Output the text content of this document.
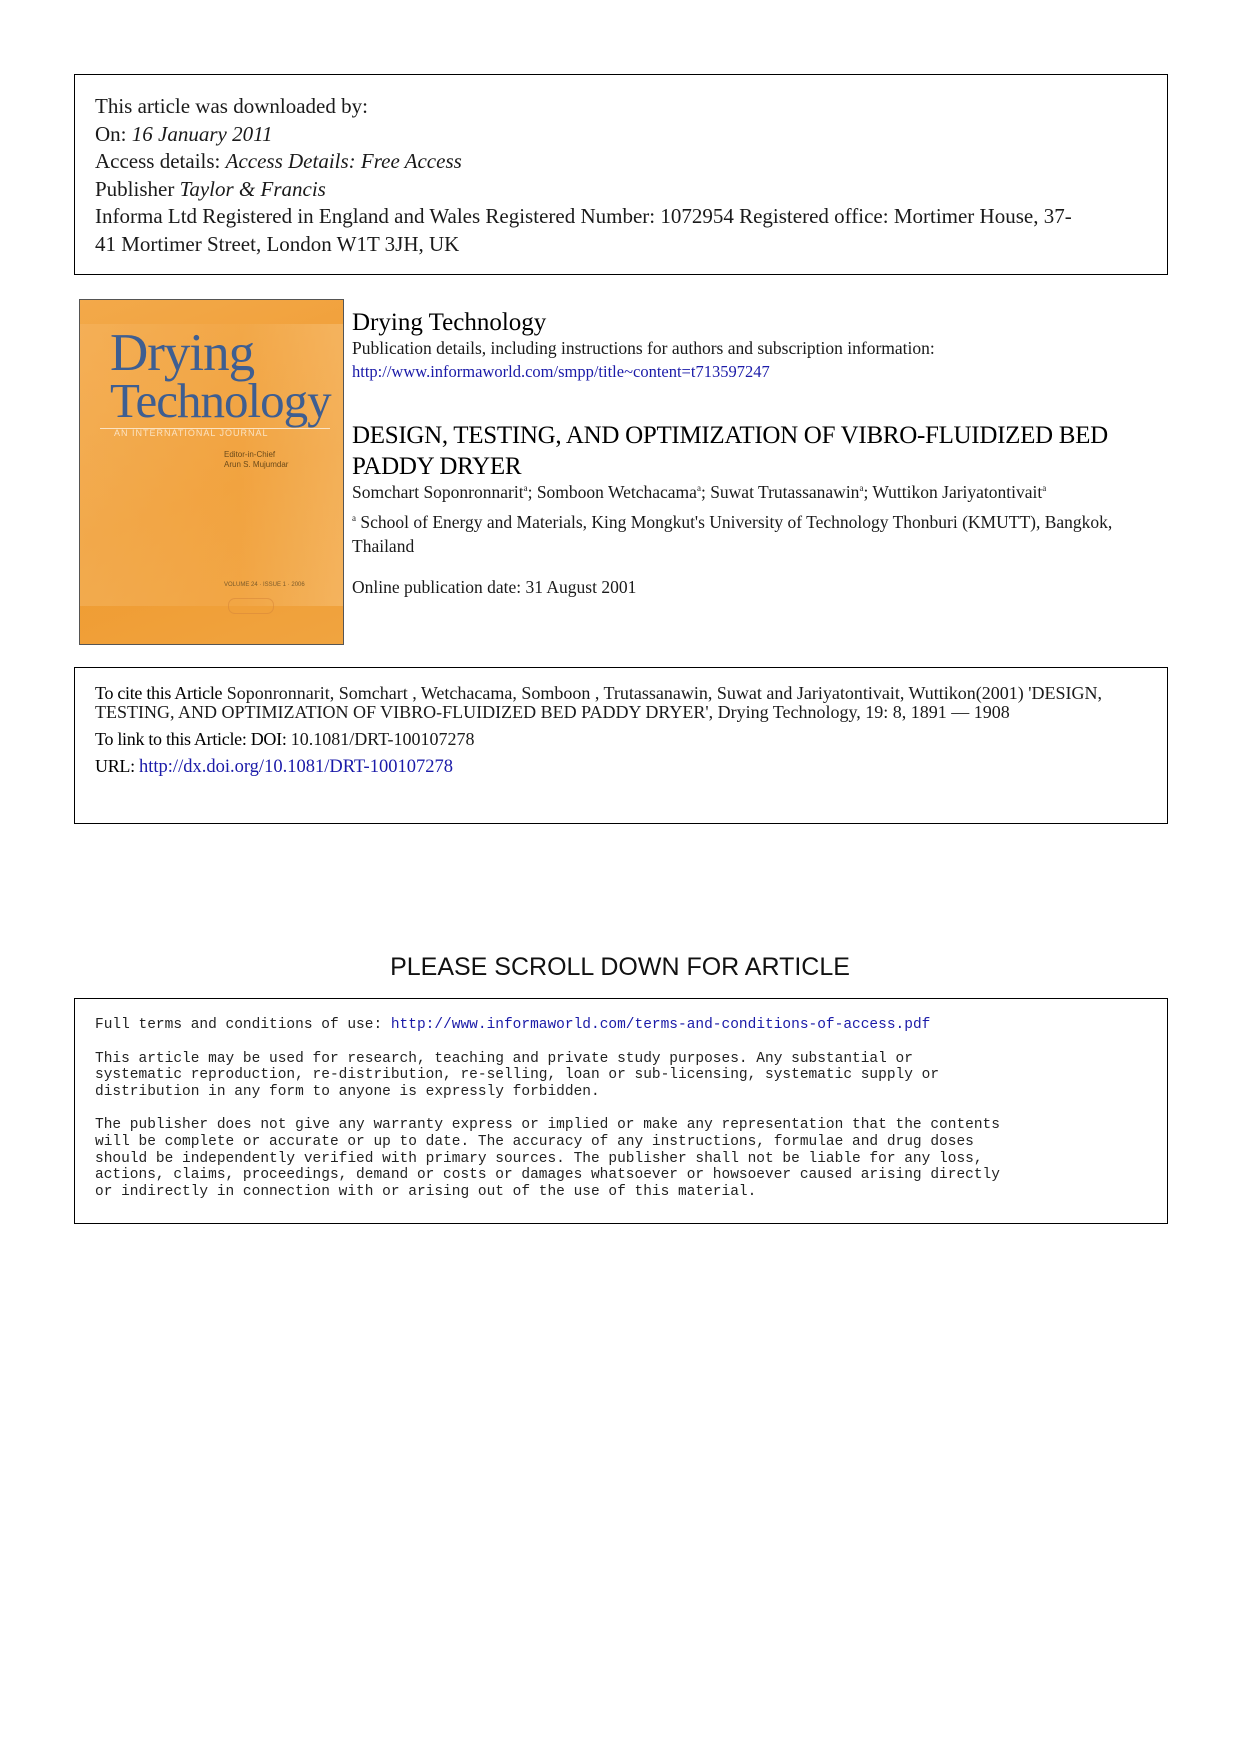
This article was downloaded by:
On: 16 January 2011
Access details: Access Details: Free Access
Publisher Taylor & Francis
Informa Ltd Registered in England and Wales Registered Number: 1072954 Registered office: Mortimer House, 37-
41 Mortimer Street, London W1T 3JH, UK
Drying
Technology
AN INTERNATIONAL JOURNAL
Editor-in-Chief
Arun S. Mujumdar
VOLUME 24 · ISSUE 1 · 2006
Drying Technology
Publication details, including instructions for authors and subscription information:
http://www.informaworld.com/smpp/title~content=t713597247
DESIGN, TESTING, AND OPTIMIZATION OF VIBRO-FLUIDIZED BED PADDY DRYER
Somchart Soponronnarit$^a$; Somboon Wetchacama$^a$; Suwat Trutassanawin$^a$; Wuttikon Jariyatontivait$^a$
$^a$ School of Energy and Materials, King Mongkut's University of Technology Thonburi (KMUTT), Bangkok, Thailand
Online publication date: 31 August 2001
To cite this Article Soponronnarit, Somchart , Wetchacama, Somboon , Trutassanawin, Suwat and Jariyatontivait, Wuttikon(2001) 'DESIGN, TESTING, AND OPTIMIZATION OF VIBRO-FLUIDIZED BED PADDY DRYER', Drying Technology, 19: 8, 1891 — 1908
To link to this Article: DOI: 10.1081/DRT-100107278
URL: http://dx.doi.org/10.1081/DRT-100107278
PLEASE SCROLL DOWN FOR ARTICLE

Full terms and conditions of use: http://www.informaworld.com/terms-and-conditions-of-access.pdf

This article may be used for research, teaching and private study purposes. Any substantial or
systematic reproduction, re-distribution, re-selling, loan or sub-licensing, systematic supply or
distribution in any form to anyone is expressly forbidden.

The publisher does not give any warranty express or implied or make any representation that the contents
will be complete or accurate or up to date. The accuracy of any instructions, formulae and drug doses
should be independently verified with primary sources. The publisher shall not be liable for any loss,
actions, claims, proceedings, demand or costs or damages whatsoever or howsoever caused arising directly
or indirectly in connection with or arising out of the use of this material.
